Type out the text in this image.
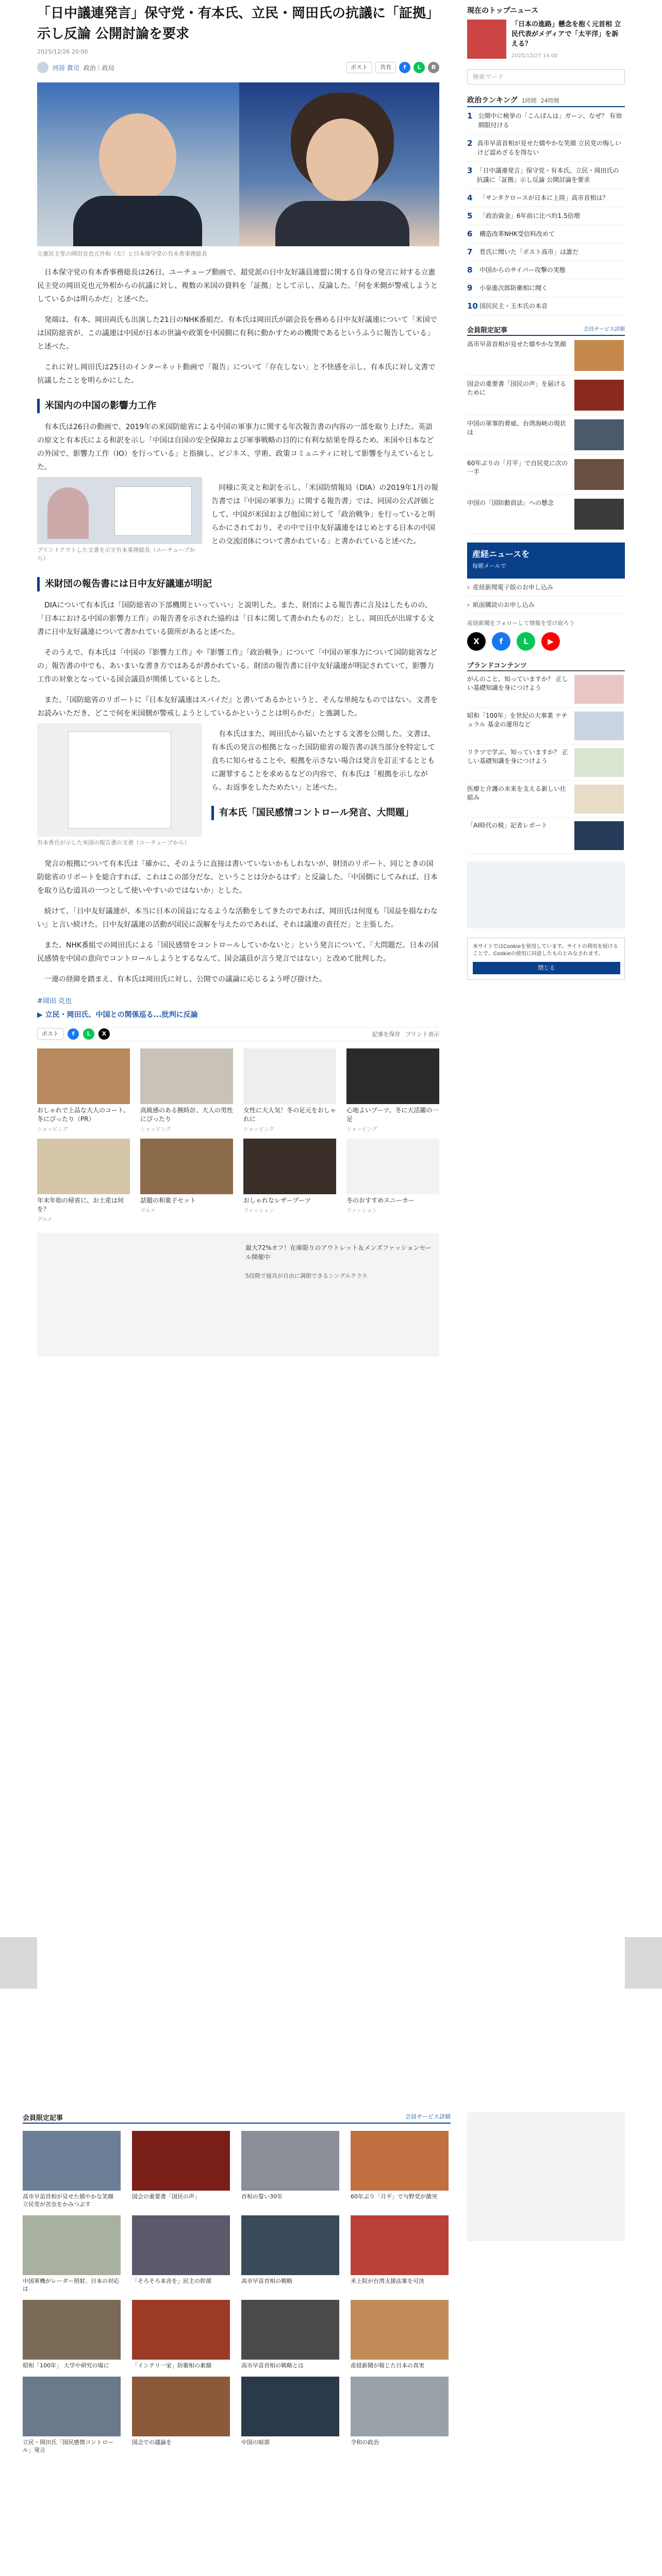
「日中議連発言」保守党・有本氏、立民・岡田氏の抗議に「証拠」示し反論 公開討論を要求
2025/12/26 20:00
河居 貴司 政治｜政局	ポスト	共有	f	L	B
立憲民主党の岡田克也元外相（左）と日本保守党の有本香事務総長

日本保守党の有本香事務総長は26日、ユーチューブ動画で、超党派の日中友好議員連盟に関する自身の発言に対する立憲民主党の岡田克也元外相からの抗議に対し、複数の米国の資料を「証拠」として示し、反論した。「何を米側が警戒しようとしているかは明らかだ」と述べた。

発端は、有本、岡田両氏も出演した21日のNHK番組だ。有本氏は岡田氏が副会長を務める日中友好議連について「米国では国防総省が、この議連は中国が日本の世論や政策を中国側に有利に動かすための機関であるというふうに報告している」と述べた。

これに対し岡田氏は25日のインターネット動画で「報告」について「存在しない」と不快感を示し、有本氏に対し文書で抗議したことを明らかにした。

米国内の中国の影響力工作

有本氏は26日の動画で、2019年の米国防総省による中国の軍事力に関する年次報告書の内容の一部を取り上げた。英語の原文と有本氏による和訳を示し「中国は自国の安全保障および軍事戦略の目的に有利な結果を得るため、米国や日本などの外国で、影響力工作（IO）を行っている」と指摘し、ビジネス、学術、政策コミュニティに対して影響を与えているとした。

プリントアウトした文書を示す有本事務総長（ユーチューブから）

同様に英文と和訳を示し、「米国防情報局（DIA）の2019年1月の報告書では『中国の軍事力』に関する報告書」では、同国の公式評価として、中国が米国および他国に対して「政治戦争」を行っていると明らかにされており、その中で日中友好議連をはじめとする日本の中国との交流団体について書かれている」と書かれていると述べた。

米財団の報告書には日中友好議連が明記

DIAについて有本氏は「国防総省の下部機関といっていい」と説明した。また、財団による報告書に言及はしたものの、「日本における中国の影響力工作」の報告書を示された協約は「日本に関して書かれたものだ」とし、岡田氏が出席する文書に日中友好議連について書かれている箇所があると述べた。

そのうえで、有本氏は「中国の『影響力工作』や『影響工作』「政治戦争」について「中国の軍事力について国防総省などの」報告書の中でも、あいまいな書き方ではあるが書かれている。財団の報告書に日中友好議連が明記されていて、影響力工作の対象となっている国会議員が関係しているとした。

また、「国防総省のリポートに『日本友好議連はスパイだ』と書いてあるかというと、そんな単純なものではない。文書をお読みいただき、どこで何を米国側が警戒しようとしているかということは明らかだ」と強調した。

有本香氏が示した米国の報告書の文書（ユーチューブから）

有本氏はまた、岡田氏から届いたとする文書を公開した。文書は、有本氏の発言の根拠となった国防総省の報告書の該当部分を特定して直ちに知らせることや、根拠を示さない場合は発言を訂正するとともに謝罪することを求めるなどの内容で、有本氏は「根拠を示しながら、お返事をしたためたい」と述べた。

有本氏「国民感情コントロール発言、大問題」

発言の根拠について有本氏は「確かに、そのように直接は書いていないかもしれないが、財団のリポート、同じときの国防総省のリポートを総合すれば、これはこの部分だな、ということは分かるはず」と反論した。「中国側にしてみれば、日本を取り込む道具の一つとして使いやすいのではないか」とした。

続けて、「日中友好議連が、本当に日本の国益になるような活動をしてきたのであれば、岡田氏は何度も『国益を損なわない』と言い続けた。日中友好議連の活動が国民に誤解を与えたのであれば、それは議連の責任だ」と主張した。

また、NHK番組での岡田氏による「国民感情をコントロールしていかないと」という発言について、「大問題だ。日本の国民感情を中国の意向でコントロールしようとするなんて、国会議員が言う発言ではない」と改めて批判した。

一連の経緯を踏まえ、有本氏は岡田氏に対し、公開での議論に応じるよう呼び掛けた。

#岡田 克也
▶ 立民・岡田氏、中国との関係巡る...批判に反論
ポスト	f	L	X	記事を保存 プリント表示
おしゃれで上品な大人のコート、冬にぴったり（PR）
ショッピング
高級感のある腕時計、大人の男性にぴったり
ショッピング
女性に大人気！冬の足元をおしゃれに
ショッピング
心地よいブーツ、冬に大活躍の一足
ショッピング
年末年始の帰省に、お土産は何を？
グルメ
話題の和菓子セット
グルメ
おしゃれなレザーブーツ
ファッション
冬のおすすめスニーカー
ファッション
最大72%オフ！在庫限りのアウトレット＆メンズファッションセール開催中
5段階で寝具が自由に調節できるシングルクラス
現在のトップニュース
「日本の進路」懸念を抱く元首相 立民代表がメディアで「太平洋」を訴える？
2025/12/27 14:00
検索ワード
政治ランキング 1時間 24時間
1 公開中に検挙の「こんばんは」ガーン、なぜ？ 有効期限付ける
2 高市早苗首相が見せた嬉やかな笑顔 立民党の悔しいけど認めざるを得ない
3 「日中議連発言」保守党・有本氏、立民・岡田氏の抗議に「証拠」示し反論 公開討論を要求
4	「サンタクロースが日本に上陸」高市首相は？
5	「政治資金」6年前に比べ約1.5倍増
6	構造改革NHK受信料改めて
7	菅氏に聞いた「ポスト高市」は誰だ
8	中国からのサイバー攻撃の実態
9	小泉進次郎防衛相に聞く
10 国民民主・玉木氏の本音
会員限定記事	会員サービス詳細
高市早苗首相が見せた嬉やかな笑顔
国会の重要書「国民の声」を届けるために
中国の軍事的脅威、台湾海峡の現状は
60年ぶりの「月平」で自民党に次の一手
中国の「国防動員法」への懸念
産経ニュースを
毎朝メールで
› 産経新聞電子版のお申し込み
› 紙面購読のお申し込み
産経新聞をフォローして情報を受け取ろう
X	f	L	▶
プランドコンテンツ
がんのこと、知っていますか？ 正しい基礎知識を身につけよう
昭和「100年」を世紀の大事業 ナチュラル 基金の運用など
リクツで学ぶ、知っていますか？ 正しい基礎知識を身につけよう
医療と介護の未来を支える新しい仕組み
「AI時代の税」記者レポート
本サイトではCookieを使用しています。サイトの利用を続けることで、Cookieの使用に同意したものとみなされます。
閉じる
会員限定記事	会員サービス詳細
高市早苗首相が見せた嬉やかな笑顔 立民党が苦虫をかみつぶす
国会の重要書「国民の声」	首相の誓い30年	60年ぶり「月平」で与野党が激突
中国軍機がレーダー照射、日本の対応は
「そろそろ本音を」民主の幹部	高市早苗首相の戦略	米上院が台湾支援法案を可決
昭和「100年」 大学や研究の場に	「インテリ一家」防衛相の素顔	高市早苗首相の戦略とは	産経新聞が報じた日本の真実
立民・岡田氏「国民感情コントロール」発言
国会での議論を	中国の暗部	令和の政治
